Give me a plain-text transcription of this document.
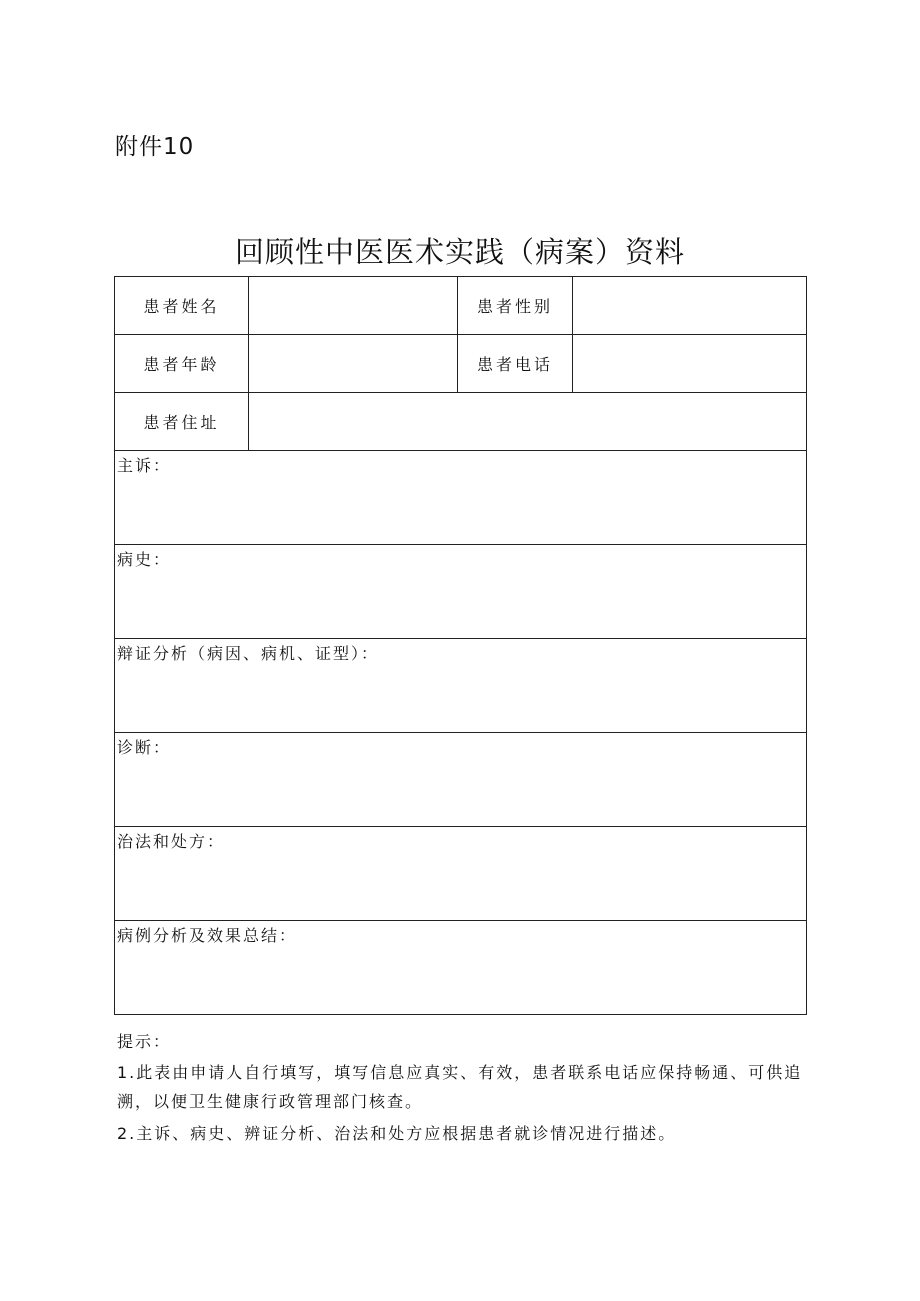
附件10
回顾性中医医术实践（病案）资料
患者姓名		患者性别	
患者年龄		患者电话	
患者住址			

主诉：			

病史：			

辩证分析（病因、病机、证型）：			

诊断：			

治法和处方：			

病例分析及效果总结：			

提示：

1.此表由申请人自行填写，填写信息应真实、有效，患者联系电话应保持畅通、可供追溯，以便卫生健康行政管理部门核查。

2.主诉、病史、辨证分析、治法和处方应根据患者就诊情况进行描述。
